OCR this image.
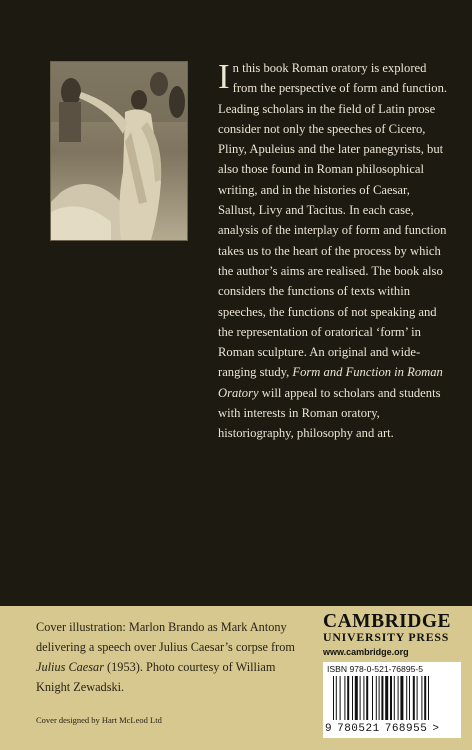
In this book Roman oratory is explored from the perspective of form and function. Leading scholars in the field of Latin prose consider not only the speeches of Cicero, Pliny, Apuleius and the later panegyrists, but also those found in Roman philosophical writing, and in the histories of Caesar, Sallust, Livy and Tacitus. In each case, analysis of the interplay of form and function takes us to the heart of the process by which the author’s aims are realised. The book also considers the functions of texts within speeches, the functions of not speaking and the representation of oratorical ‘form’ in Roman sculpture. An original and wide-ranging study, Form and Function in Roman Oratory will appeal to scholars and students with interests in Roman oratory, historiography, philosophy and art.

Cover illustration: Marlon Brando as Mark Antony delivering a speech over Julius Caesar’s corpse from Julius Caesar (1953). Photo courtesy of William Knight Zewadski.
Cover designed by Hart McLeod Ltd
CAMBRIDGE
UNIVERSITY PRESS
www.cambridge.org
ISBN 978-0-521-76895-5
9 780521 768955 >
